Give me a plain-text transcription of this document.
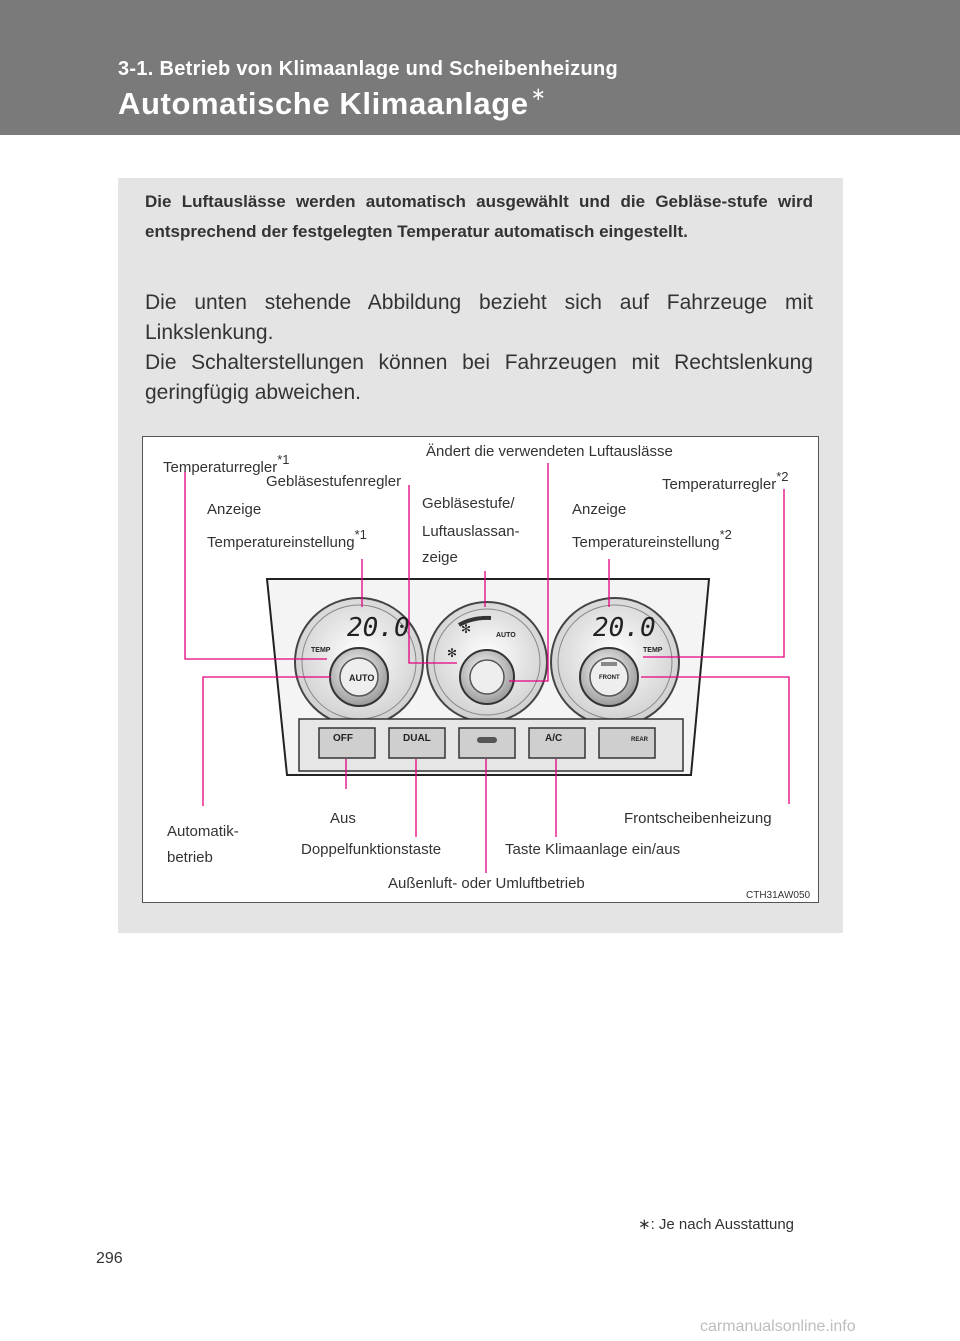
3-1. Betrieb von Klimaanlage und Scheibenheizung
Automatische Klimaanlage ∗
Die Luftauslässe werden automatisch ausgewählt und die Gebläse-stufe wird entsprechend der festgelegten Temperatur automatisch eingestellt.

Die unten stehende Abbildung bezieht sich auf Fahrzeuge mit Linkslenkung.

Die Schalterstellungen können bei Fahrzeugen mit Rechtslenkung geringfügig abweichen.

20.0
TEMP
AUTO
✻
✻	AUTO	20.0
TEMP
FRONT
OFF	DUAL	A/C	REAR
Temperaturregler$^{*1}$	Ändert die verwendeten Luftauslässe
Temperaturregler$^{*2}$
Gebläsestufenregler
Anzeige
Temperatureinstellung$^{*1}$
Gebläsestufe/
Luftauslassan-
zeige
Anzeige
Temperatureinstellung$^{*2}$
Automatik-
betrieb
Aus	Frontscheibenheizung
Doppelfunktionstaste	Taste Klimaanlage ein/aus
Außenluft- oder Umluftbetrieb
CTH31AW050
∗: Je nach Ausstattung
296
carmanualsonline.info
